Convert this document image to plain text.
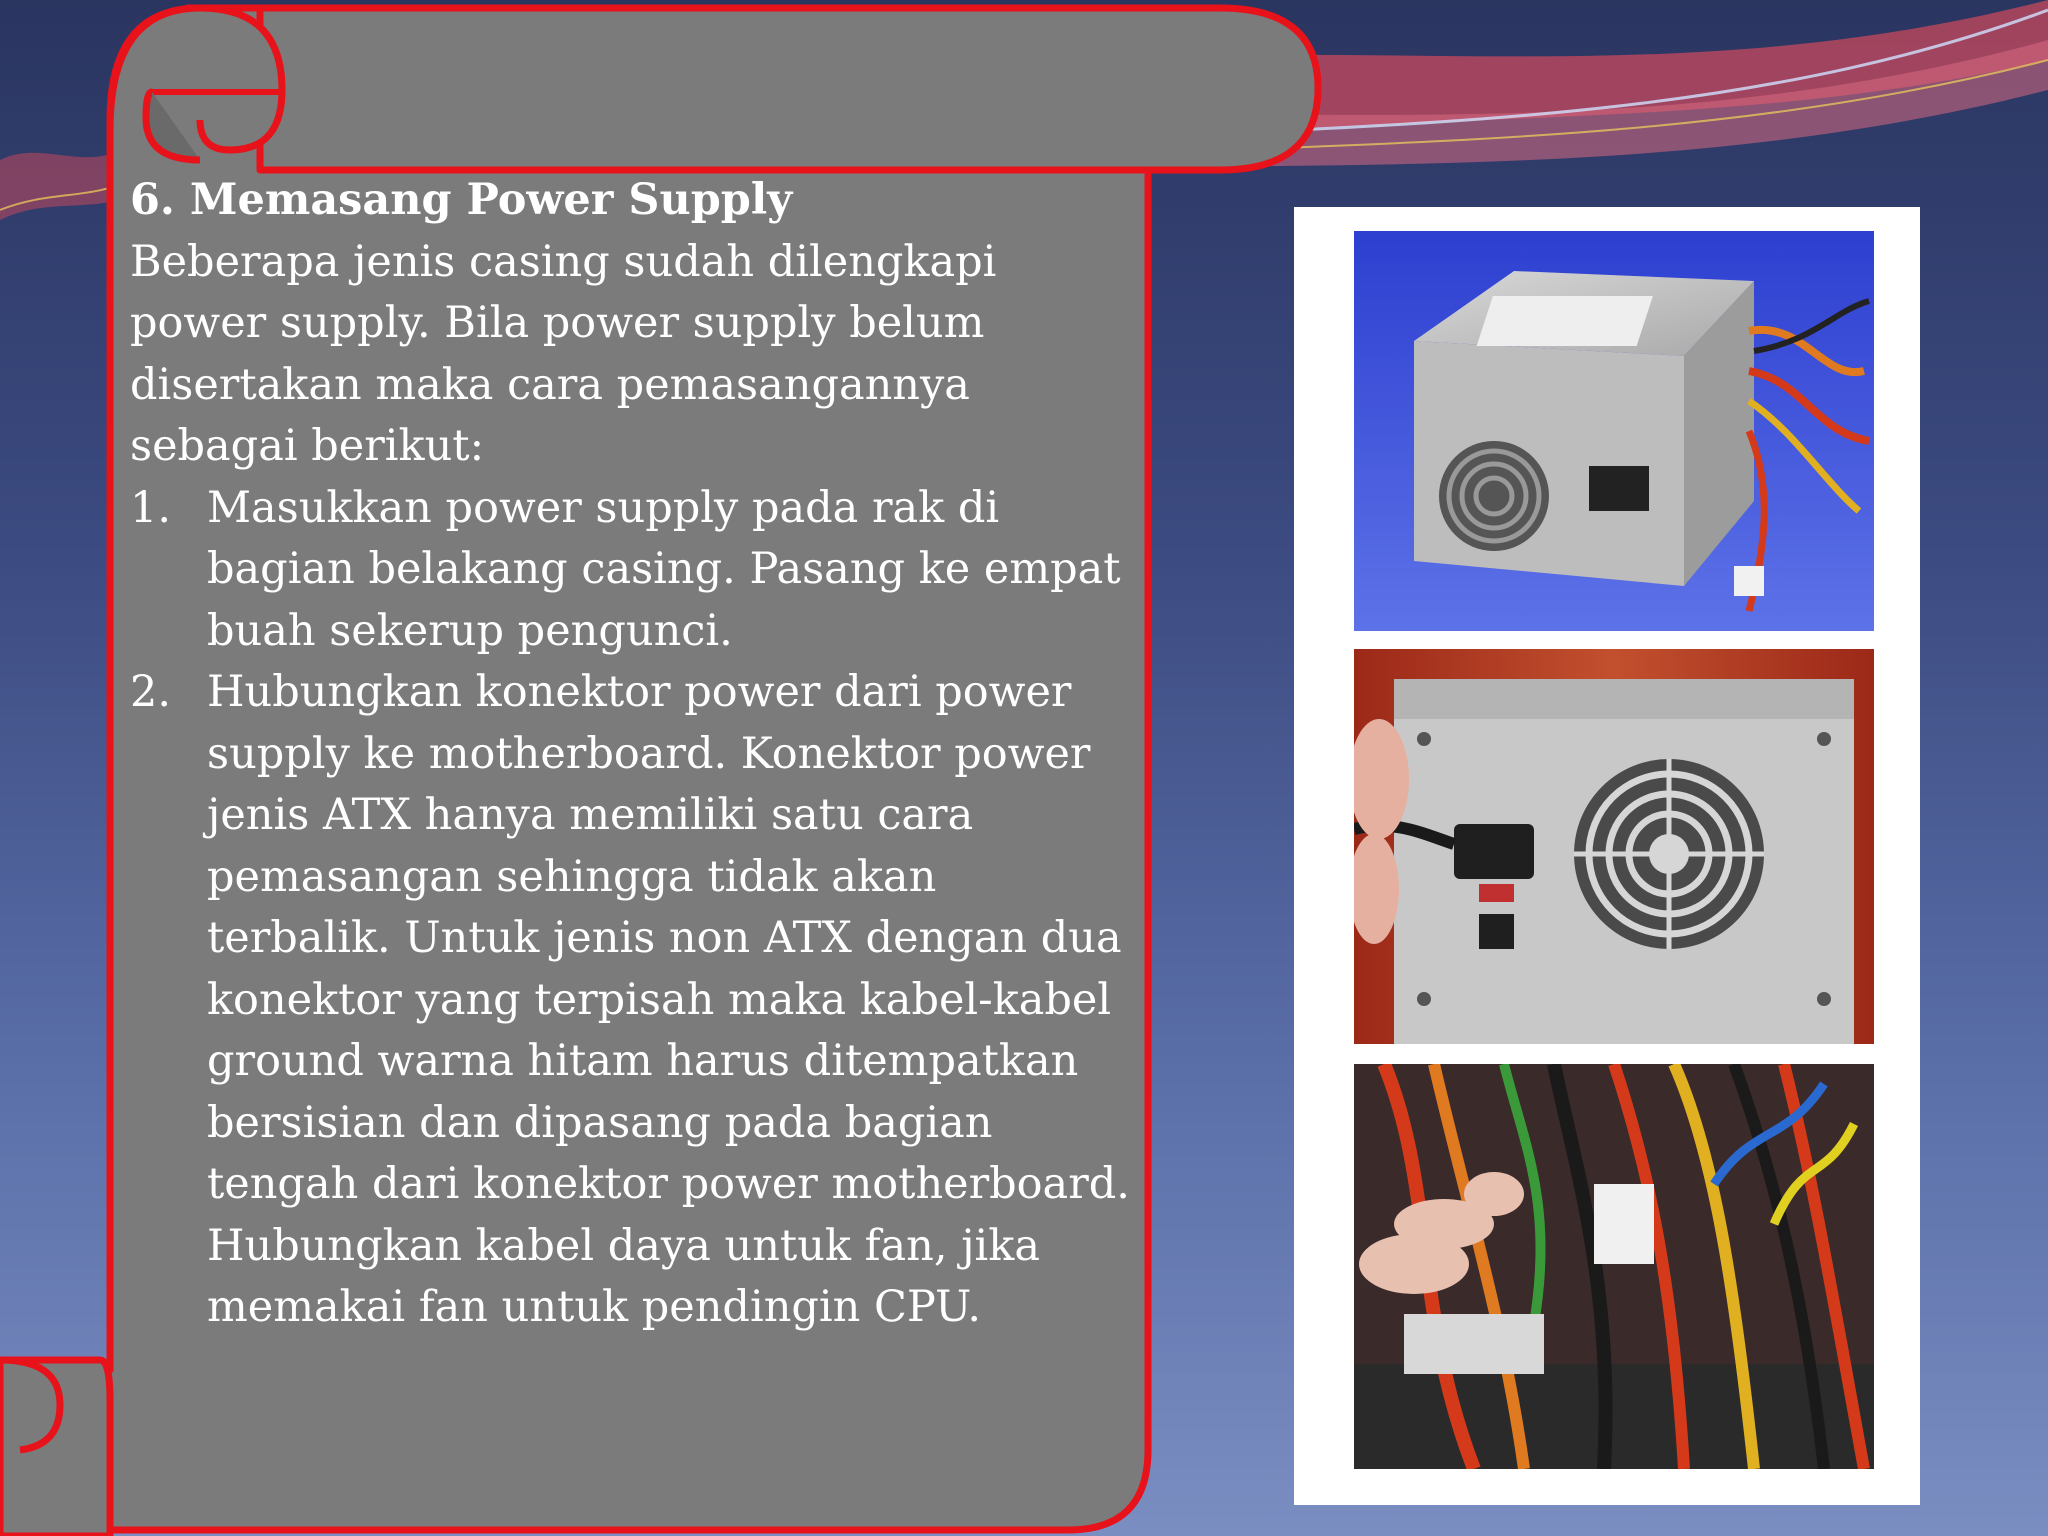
6. Memasang Power Supply

Beberapa jenis casing sudah dilengkapi power supply. Bila power supply belum disertakan maka cara pemasangannya sebagai berikut:

1. Masukkan power supply pada rak di bagian belakang casing. Pasang ke empat buah sekerup pengunci.
2. Hubungkan konektor power dari power supply ke motherboard. Konektor power jenis ATX hanya memiliki satu cara pemasangan sehingga tidak akan terbalik. Untuk jenis non ATX dengan dua konektor yang terpisah maka kabel-kabel ground warna hitam harus ditempatkan bersisian dan dipasang pada bagian tengah dari konektor power motherboard. Hubungkan kabel daya untuk fan, jika memakai fan untuk pendingin CPU.
